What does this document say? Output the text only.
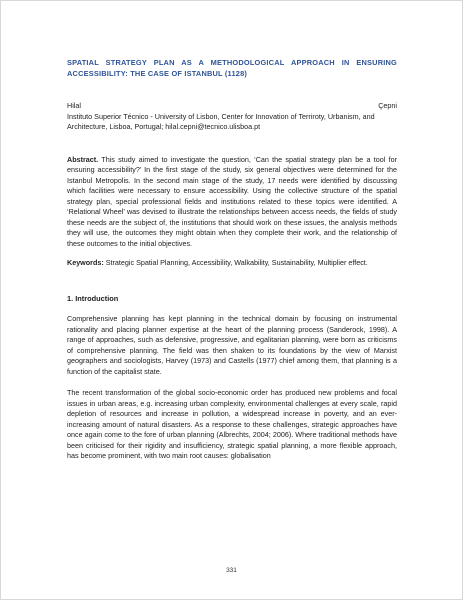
SPATIAL STRATEGY PLAN AS A METHODOLOGICAL APPROACH IN ENSURING ACCESSIBILITY: THE CASE OF ISTANBUL (1128)
Hilal	Çepni

Instituto Superior Técnico - University of Lisbon, Center for Innovation of Terriroty, Urbanism, and Architecture, Lisboa, Portugal; hilal.cepni@tecnico.ulisboa.pt

Abstract. This study aimed to investigate the question, ‘Can the spatial strategy plan be a tool for ensuring accessibility?’ In the first stage of the study, six general objectives were determined for the Istanbul Metropolis. In the second main stage of the study, 17 needs were identified by discussing which facilities were necessary to ensure accessibility. Using the collective structure of the spatial strategy plan, special professional fields and institutions related to these topics were identified. A ‘Relational Wheel’ was devised to illustrate the relationships between access needs, the fields of study these needs are the subject of, the institutions that should work on these issues, the analysis methods they will use, the outcomes they might obtain when they complete their work, and the relationship of these outcomes to the initial objectives.

Keywords: Strategic Spatial Planning, Accessibility, Walkability, Sustainability, Multiplier effect.

1. Introduction

Comprehensive planning has kept planning in the technical domain by focusing on instrumental rationality and placing planner expertise at the heart of the planning process (Sanderock, 1998). A range of approaches, such as defensive, progressive, and egalitarian planning, were born as criticisms of comprehensive planning. The field was then shaken to its foundations by the view of Marxist geographers and sociologists, Harvey (1973) and Castells (1977) chief among them, that planning is a function of the capitalist state.

The recent transformation of the global socio-economic order has produced new problems and focal issues in urban areas, e.g. increasing urban complexity, environmental challenges at every scale, rapid depletion of resources and increase in pollution, a widespread increase in poverty, and an ever-increasing amount of natural disasters. As a response to these challenges, strategic approaches have once again come to the fore of urban planning (Albrechts, 2004; 2006). Where traditional methods have been criticised for their rigidity and insufficiency, strategic spatial planning, a more flexible approach, has become prominent, with two main root causes: globalisation

331
